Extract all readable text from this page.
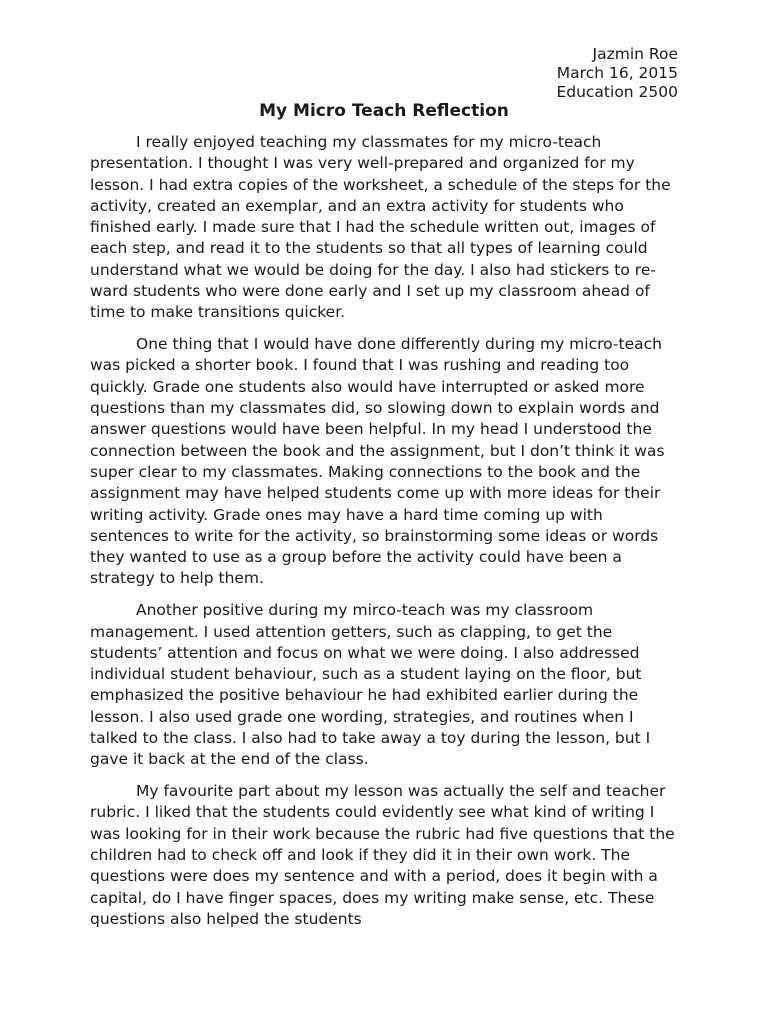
Jazmin Roe
March 16, 2015
Education 2500
My Micro Teach Reflection

I really enjoyed teaching my classmates for my micro-teach presentation. I thought I was very well-prepared and organized for my lesson. I had extra copies of the worksheet, a schedule of the steps for the activity, created an exemplar, and an extra activity for students who finished early. I made sure that I had the schedule written out, images of each step, and read it to the students so that all types of learning could understand what we would be doing for the day. I also had stickers to re-ward students who were done early and I set up my classroom ahead of time to make transitions quicker.

One thing that I would have done differently during my micro-teach was picked a shorter book. I found that I was rushing and reading too quickly. Grade one students also would have interrupted or asked more questions than my classmates did, so slowing down to explain words and answer questions would have been helpful. In my head I understood the connection between the book and the assignment, but I don’t think it was super clear to my classmates. Making connections to the book and the assignment may have helped students come up with more ideas for their writing activity. Grade ones may have a hard time coming up with sentences to write for the activity, so brainstorming some ideas or words they wanted to use as a group before the activity could have been a strategy to help them.

Another positive during my mirco-teach was my classroom management. I used attention getters, such as clapping, to get the students’ attention and focus on what we were doing. I also addressed individual student behaviour, such as a student laying on the floor, but emphasized the positive behaviour he had exhibited earlier during the lesson. I also used grade one wording, strategies, and routines when I talked to the class. I also had to take away a toy during the lesson, but I gave it back at the end of the class.

My favourite part about my lesson was actually the self and teacher rubric. I liked that the students could evidently see what kind of writing I was looking for in their work because the rubric had five questions that the children had to check off and look if they did it in their own work. The questions were does my sentence and with a period, does it begin with a capital, do I have finger spaces, does my writing make sense, etc. These questions also helped the students
